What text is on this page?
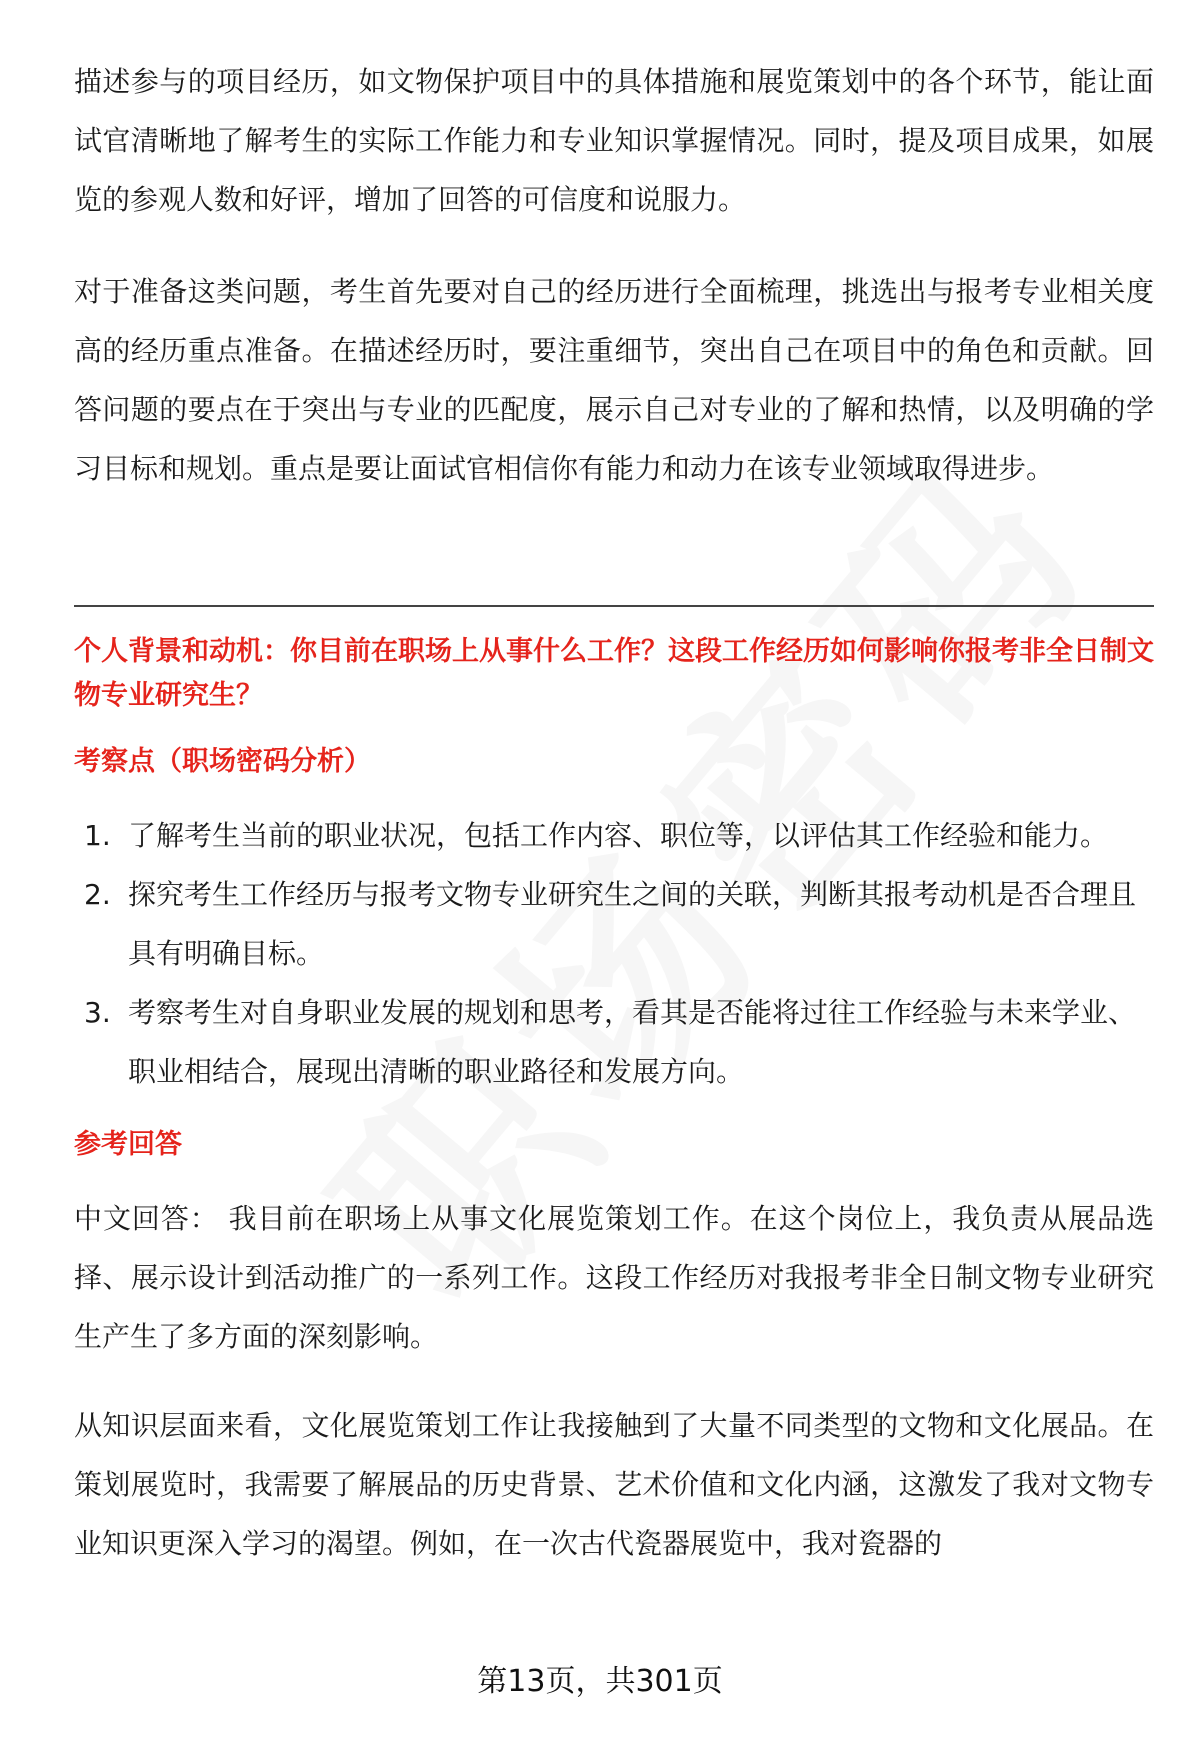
描述参与的项目经历，如文物保护项目中的具体措施和展览策划中的各个环节，能让面试官清晰地了解考生的实际工作能力和专业知识掌握情况。同时，提及项目成果，如展览的参观人数和好评，增加了回答的可信度和说服力。

对于准备这类问题，考生首先要对自己的经历进行全面梳理，挑选出与报考专业相关度高的经历重点准备。在描述经历时，要注重细节，突出自己在项目中的角色和贡献。回答问题的要点在于突出与专业的匹配度，展示自己对专业的了解和热情，以及明确的学习目标和规划。重点是要让面试官相信你有能力和动力在该专业领域取得进步。

个人背景和动机：你目前在职场上从事什么工作？这段工作经历如何影响你报考非全日制文物专业研究生？

考察点（职场密码分析）

1. 了解考生当前的职业状况，包括工作内容、职位等，以评估其工作经验和能力。
2. 探究考生工作经历与报考文物专业研究生之间的关联，判断其报考动机是否合理且具有明确目标。
3. 考察考生对自身职业发展的规划和思考，看其是否能将过往工作经验与未来学业、职业相结合，展现出清晰的职业路径和发展方向。

参考回答

中文回答： 我目前在职场上从事文化展览策划工作。在这个岗位上，我负责从展品选择、展示设计到活动推广的一系列工作。这段工作经历对我报考非全日制文物专业研究生产生了多方面的深刻影响。

从知识层面来看，文化展览策划工作让我接触到了大量不同类型的文物和文化展品。在策划展览时，我需要了解展品的历史背景、艺术价值和文化内涵，这激发了我对文物专业知识更深入学习的渴望。例如，在一次古代瓷器展览中，我对瓷器的

第13页，共301页
